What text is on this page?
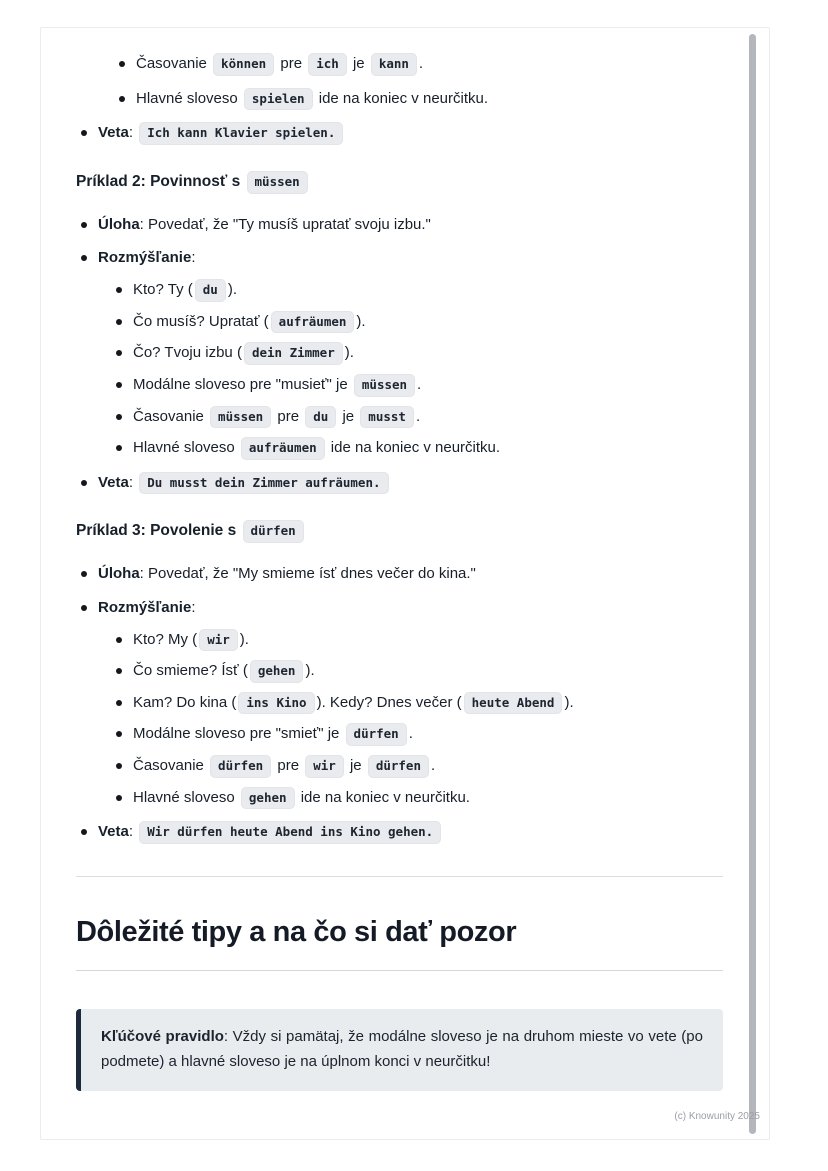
Časovanie können pre ich je kann .
Hlavné sloveso spielen ide na koniec v neurčitku.
Veta: Ich kann Klavier spielen.

Príklad 2: Povinnosť s müssen

Úloha: Povedať, že "Ty musíš upratať svoju izbu."
Rozmýšľanie:
Kto? Ty ( du ).
Čo musíš? Upratať ( aufräumen ).
Čo? Tvoju izbu ( dein Zimmer ).
Modálne sloveso pre "musieť" je müssen .
Časovanie müssen pre du je musst .
Hlavné sloveso aufräumen ide na koniec v neurčitku.
Veta: Du musst dein Zimmer aufräumen.

Príklad 3: Povolenie s dürfen

Úloha: Povedať, že "My smieme ísť dnes večer do kina."
Rozmýšľanie:
Kto? My ( wir ).
Čo smieme? Ísť ( gehen ).
Kam? Do kina ( ins Kino ). Kedy? Dnes večer ( heute Abend ).
Modálne sloveso pre "smieť" je dürfen .
Časovanie dürfen pre wir je dürfen .
Hlavné sloveso gehen ide na koniec v neurčitku.
Veta: Wir dürfen heute Abend ins Kino gehen.
Dôležité tipy a na čo si dať pozor
Kľúčové pravidlo: Vždy si pamätaj, že modálne sloveso je na druhom mieste vo vete (po podmete) a hlavné sloveso je na úplnom konci v neurčitku!
(c) Knowunity 2025
